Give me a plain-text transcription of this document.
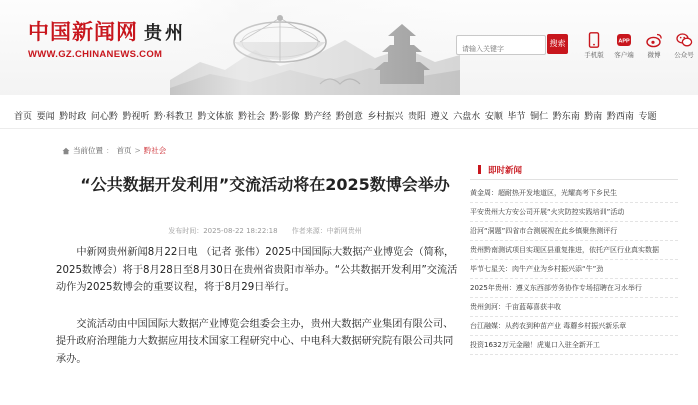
中国新闻网 贵州
WWW.GZ.CHINANEWS.COM
请输入关键字
搜索
手机版
APP
客户端	微博	公众号
首页 要闻 黔时政 问心黔 黔视听 黔·科教卫 黔文体旅 黔社会 黔·影像 黔产经 黔创意 乡村振兴 贵阳 遵义 六盘水 安顺 毕节 铜仁 黔东南 黔南 黔西南 专题
当前位置 ： 首页 > 黔社会
“公共数据开发利用”交流活动将在2025数博会举办
发布时间：2025-08-22 18:22:18 作者来源：中新网贵州

中新网贵州新闻8月22日电 （记者 张伟）2025中国国际大数据产业博览会（简称，2025数博会）将于8月28日至8月30日在贵州省贵阳市举办。“公共数据开发利用”交流活动作为2025数博会的重要议程，将于8月29日举行。

交流活动由中国国际大数据产业博览会组委会主办，贵州大数据产业集团有限公司、提升政府治理能力大数据应用技术国家工程研究中心、中电科大数据研究院有限公司共同承办。

即时新闻
黄金周：超耐热开发地道区，光耀高考下乡民生
平安贵州大方安公司开展“火灾防控实践培训”活动
沿河“洞题”四省市合测展视在此乡镇聚焦测评行
贵州黔南测试项目实现区县重复推进，依托产区行业真实数据
毕节七星关：肉牛产业为乡村振兴添“牛”劲
2025年贵州：遵义东西部劳务协作专场招聘在习水举行
贵州剑河：千亩蓝莓喜获丰收
台江融媒：从药农到种苗产业 毒蘑乡村振兴新乐章
投资1632万元金融！虎嵬口入驻全新开工
